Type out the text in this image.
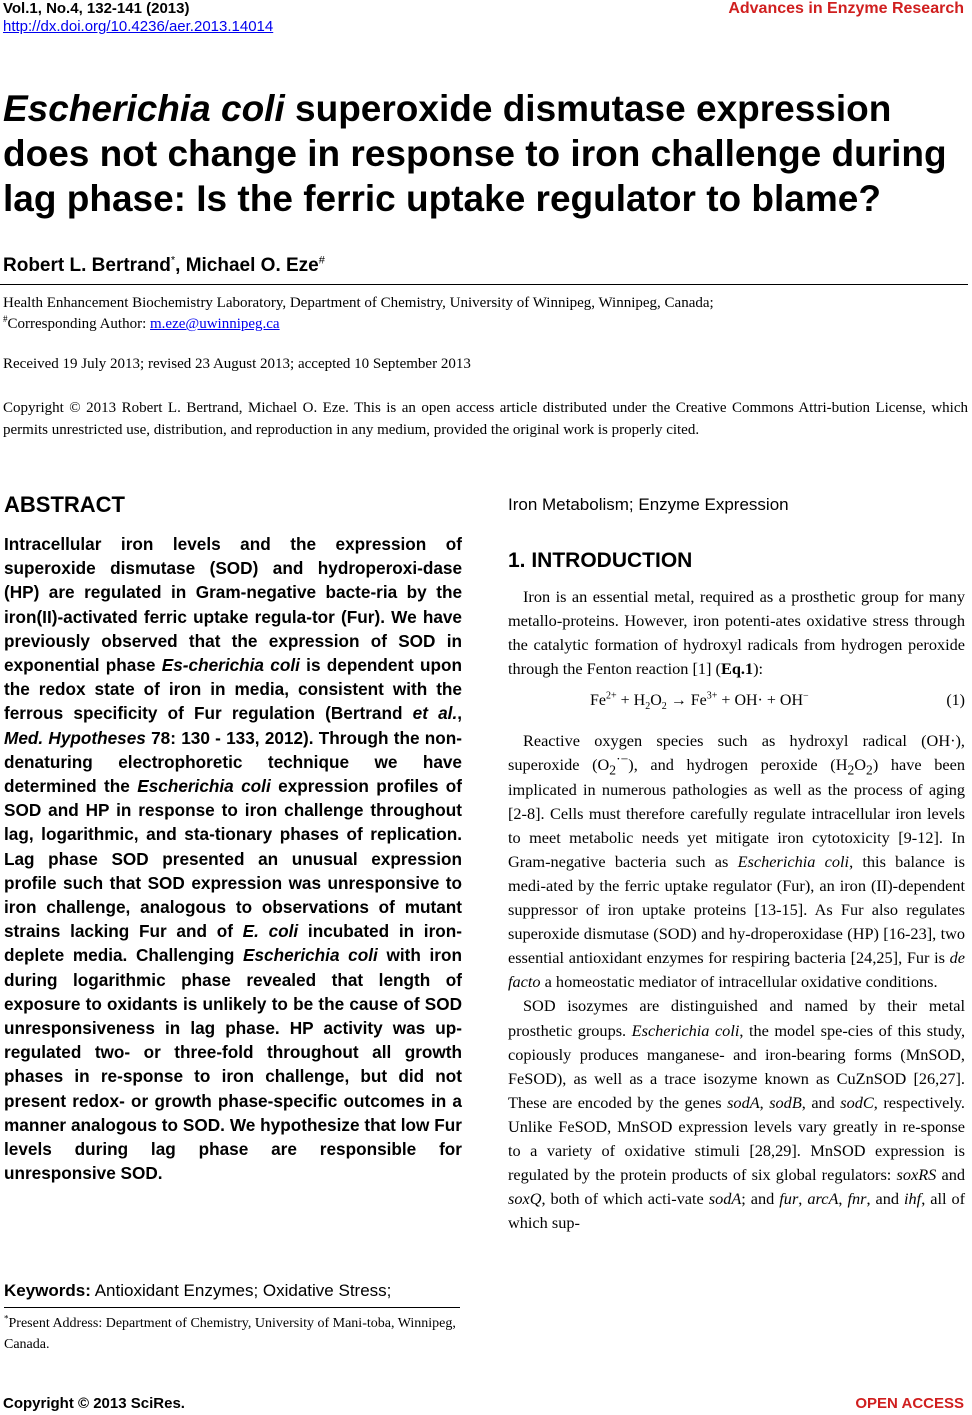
Vol.1, No.4, 132-141 (2013)
http://dx.doi.org/10.4236/aer.2013.14014
Advances in Enzyme Research
Escherichia coli superoxide dismutase expression does not change in response to iron challenge during lag phase: Is the ferric uptake regulator to blame?
Robert L. Bertrand*, Michael O. Eze#
Health Enhancement Biochemistry Laboratory, Department of Chemistry, University of Winnipeg, Winnipeg, Canada;
#Corresponding Author: m.eze@uwinnipeg.ca
Received 19 July 2013; revised 23 August 2013; accepted 10 September 2013
Copyright © 2013 Robert L. Bertrand, Michael O. Eze. This is an open access article distributed under the Creative Commons Attri-bution License, which permits unrestricted use, distribution, and reproduction in any medium, provided the original work is properly cited.
ABSTRACT

Intracellular iron levels and the expression of superoxide dismutase (SOD) and hydroperoxi-dase (HP) are regulated in Gram-negative bacte-ria by the iron(II)-activated ferric uptake regula-tor (Fur). We have previously observed that the expression of SOD in exponential phase Es-cherichia coli is dependent upon the redox state of iron in media, consistent with the ferrous specificity of Fur regulation (Bertrand et al., Med. Hypotheses 78: 130 - 133, 2012). Through the non-denaturing electrophoretic technique we have determined the Escherichia coli expression profiles of SOD and HP in response to iron challenge throughout lag, logarithmic, and sta-tionary phases of replication. Lag phase SOD presented an unusual expression profile such that SOD expression was unresponsive to iron challenge, analogous to observations of mutant strains lacking Fur and of E. coli incubated in iron-deplete media. Challenging Escherichia coli with iron during logarithmic phase revealed that length of exposure to oxidants is unlikely to be the cause of SOD unresponsiveness in lag phase. HP activity was up-regulated two- or three-fold throughout all growth phases in re-sponse to iron challenge, but did not present redox- or growth phase-specific outcomes in a manner analogous to SOD. We hypothesize that low Fur levels during lag phase are responsible for unresponsive SOD.

Keywords: Antioxidant Enzymes; Oxidative Stress;
*Present Address: Department of Chemistry, University of Mani-toba, Winnipeg, Canada.

Iron Metabolism; Enzyme Expression

1. INTRODUCTION

Iron is an essential metal, required as a prosthetic group for many metallo-proteins. However, iron potenti-ates oxidative stress through the catalytic formation of hydroxyl radicals from hydrogen peroxide through the Fenton reaction [1] (Eq.1):

$Fe^{2+} + H_2O_2 \to Fe^{3+} + OH\cdot + OH^-$	(1)

Reactive oxygen species such as hydroxyl radical (OH·), superoxide $(O_2^{\cdot-})$, and hydrogen peroxide $(H_2O_2)$ have been implicated in numerous pathologies as well as the process of aging [2-8]. Cells must therefore carefully regulate intracellular iron levels to meet metabolic needs yet mitigate iron cytotoxicity [9-12]. In Gram-negative bacteria such as Escherichia coli, this balance is medi-ated by the ferric uptake regulator (Fur), an iron (II)-dependent suppressor of iron uptake proteins [13-15]. As Fur also regulates superoxide dismutase (SOD) and hy-droperoxidase (HP) [16-23], two essential antioxidant enzymes for respiring bacteria [24,25], Fur is de facto a homeostatic mediator of intracellular oxidative conditions.

SOD isozymes are distinguished and named by their metal prosthetic groups. Escherichia coli, the model spe-cies of this study, copiously produces manganese- and iron-bearing forms (MnSOD, FeSOD), as well as a trace isozyme known as CuZnSOD [26,27]. These are encoded by the genes sodA, sodB, and sodC, respectively. Unlike FeSOD, MnSOD expression levels vary greatly in re-sponse to a variety of oxidative stimuli [28,29]. MnSOD expression is regulated by the protein products of six global regulators: soxRS and soxQ, both of which acti-vate sodA; and fur, arcA, fnr, and ihf, all of which sup-

Copyright © 2013 SciRes.	OPEN ACCESS
